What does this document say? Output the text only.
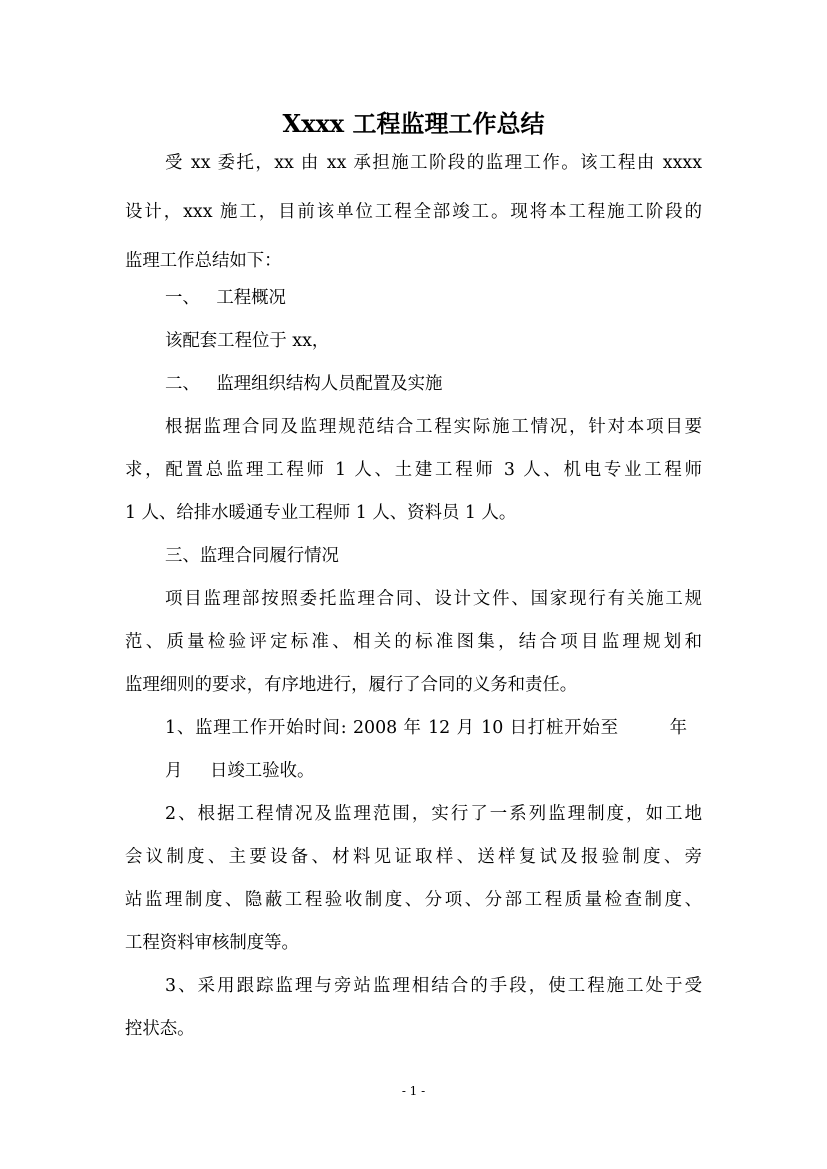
Xxxx 工程监理工作总结
受 xx 委托，xx 由 xx 承担施工阶段的监理工作。该工程由 xxxx
设计，xxx 施工，目前该单位工程全部竣工。现将本工程施工阶段的
监理工作总结如下：
一、   工程概况
该配套工程位于 xx，
二、   监理组织结构人员配置及实施
根据监理合同及监理规范结合工程实际施工情况，针对本项目要
求，配置总监理工程师 1 人、土建工程师 3 人、机电专业工程师
1 人、给排水暖通专业工程师 1 人、资料员 1 人。
三、监理合同履行情况
项目监理部按照委托监理合同、设计文件、国家现行有关施工规
范、质量检验评定标准、相关的标准图集，结合项目监理规划和
监理细则的要求，有序地进行，履行了合同的义务和责任。
1、监理工作开始时间: 2008 年 12 月 10 日打桩开始至        年
月     日竣工验收。
2、根据工程情况及监理范围，实行了一系列监理制度，如工地
会议制度、主要设备、材料见证取样、送样复试及报验制度、旁
站监理制度、隐蔽工程验收制度、分项、分部工程质量检查制度、
工程资料审核制度等。
3、采用跟踪监理与旁站监理相结合的手段，使工程施工处于受
控状态。
- 1 -
